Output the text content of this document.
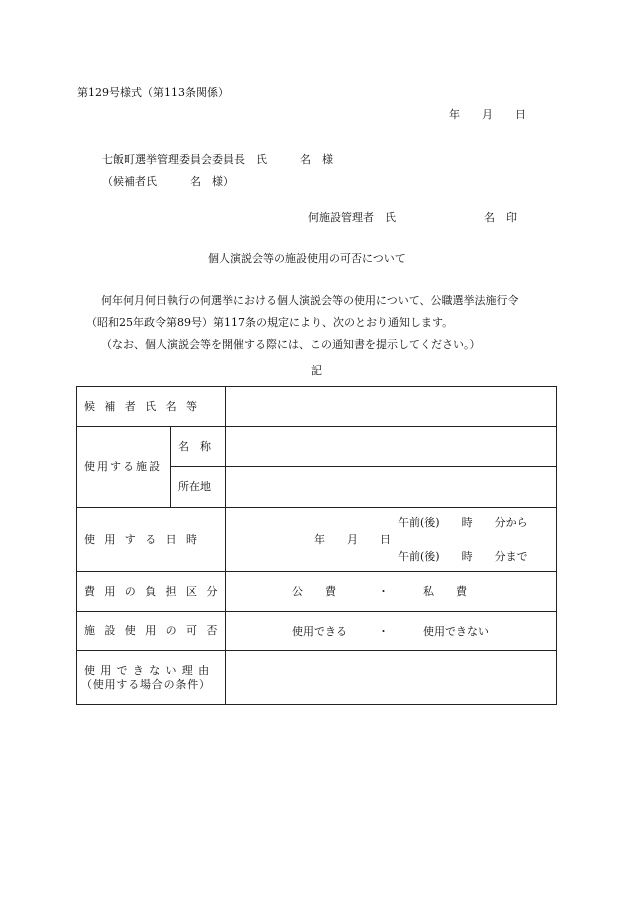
第129号様式（第113条関係）
年　　月　　日
七飯町選挙管理委員会委員長　氏　　　名　様
（候補者氏　　　名　様）
何施設管理者　氏　　　　　　　　名　印
個人演説会等の施設使用の可否について
何年何月何日執行の何選挙における個人演説会等の使用について、公職選挙法施行令
（昭和25年政令第89号）第117条の規定により、次のとおり通知します。
（なお、個人演説会等を開催する際には、この通知書を提示してください。）
記
候補者氏名等		
使用する施設	名　称	
	所在地	
使用する日時		午前(後)　　時　　分から
年　　月　　日
午前(後)　　時　　分まで

費用の負担区分		公　　費 ・ 私　　費

施設使用の可否		使用できる ・ 使用できない

使用できない理由
（使用する場合の条件）		
